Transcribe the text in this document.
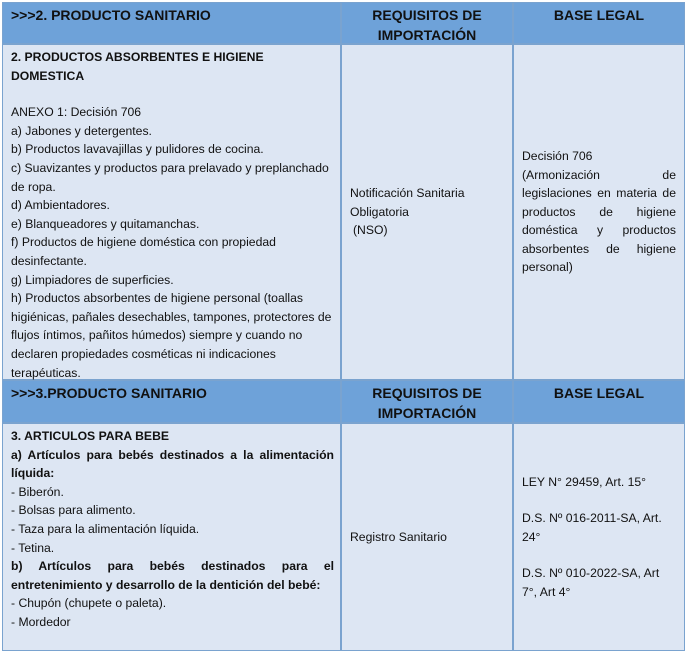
>>>2. PRODUCTO SANITARIO	REQUISITOS DE IMPORTACIÓN
BASE LEGAL
2. PRODUCTOS ABSORBENTES E HIGIENE DOMESTICA
ANEXO 1: Decisión 706
a) Jabones y detergentes.
b) Productos lavavajillas y pulidores de cocina.
c) Suavizantes y productos para prelavado y preplanchado de ropa.
d) Ambientadores.
e) Blanqueadores y quitamanchas.
f) Productos de higiene doméstica con propiedad desinfectante.
g) Limpiadores de superficies.
h) Productos absorbentes de higiene personal (toallas higiénicas, pañales desechables, tampones, protectores de flujos íntimos, pañitos húmedos) siempre y cuando no declaren propiedades cosméticas ni indicaciones terapéuticas.
Notificación Sanitaria
Obligatoria
(NSO)
Decisión 706
(Armonización de legislaciones en materia de productos de higiene doméstica y productos absorbentes de higiene personal)
>>>3.PRODUCTO SANITARIO	REQUISITOS DE IMPORTACIÓN
BASE LEGAL
3. ARTICULOS PARA BEBE
a) Artículos para bebés destinados a la alimentación líquida:
- Biberón.
- Bolsas para alimento.
- Taza para la alimentación líquida.
- Tetina.
b) Artículos para bebés destinados para el entretenimiento y desarrollo de la dentición del bebé:
- Chupón (chupete o paleta).
- Mordedor
Registro Sanitario
LEY N° 29459, Art. 15°
D.S. Nº 016-2011-SA, Art. 24°
D.S. Nº 010-2022-SA, Art 7°, Art 4°
